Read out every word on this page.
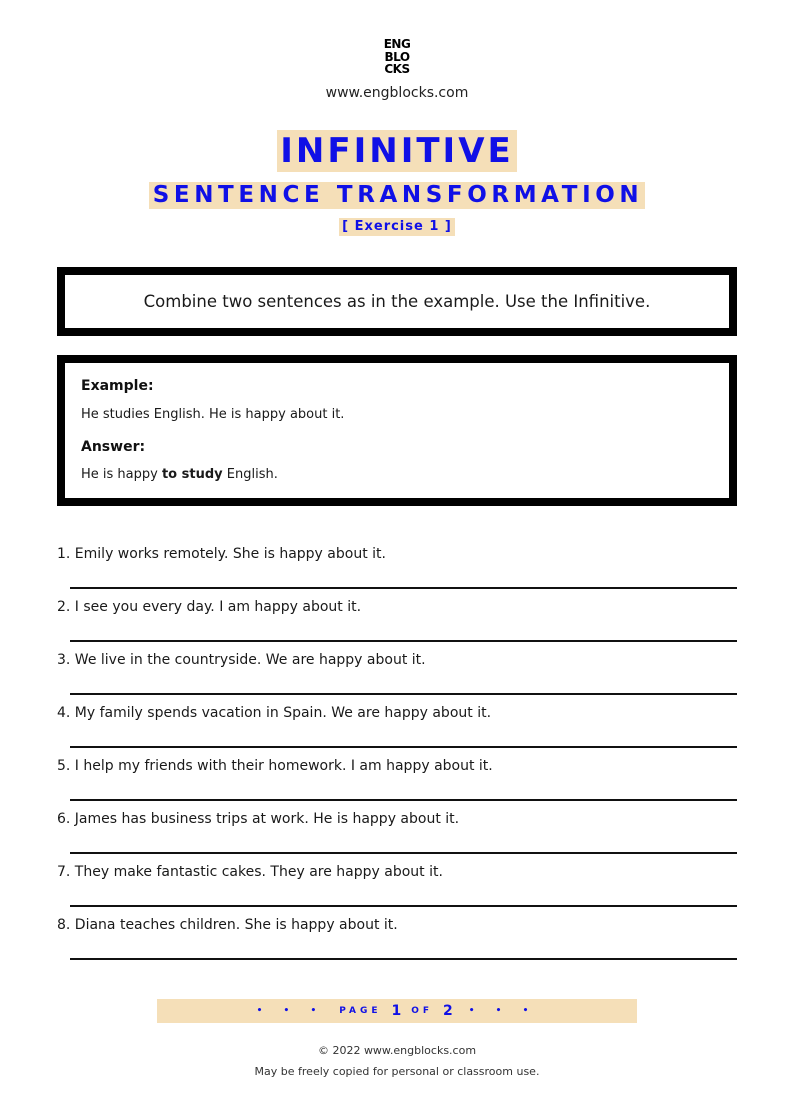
ENG
BLO
CKS
www.engblocks.com
INFINITIVE
SENTENCE TRANSFORMATION
[ Exercise 1 ]
Combine two sentences as in the example. Use the Infinitive.
Example:
He studies English. He is happy about it.
Answer:
He is happy to study English.
1. Emily works remotely. She is happy about it.
2. I see you every day. I am happy about it.
3. We live in the countryside. We are happy about it.
4. My family spends vacation in Spain. We are happy about it.
5. I help my friends with their homework. I am happy about it.
6. James has business trips at work. He is happy about it.
7. They make fantastic cakes. They are happy about it.
8. Diana teaches children. She is happy about it.
• • • PAGE 1 OF 2 • • •
© 2022 www.engblocks.com
May be freely copied for personal or classroom use.
